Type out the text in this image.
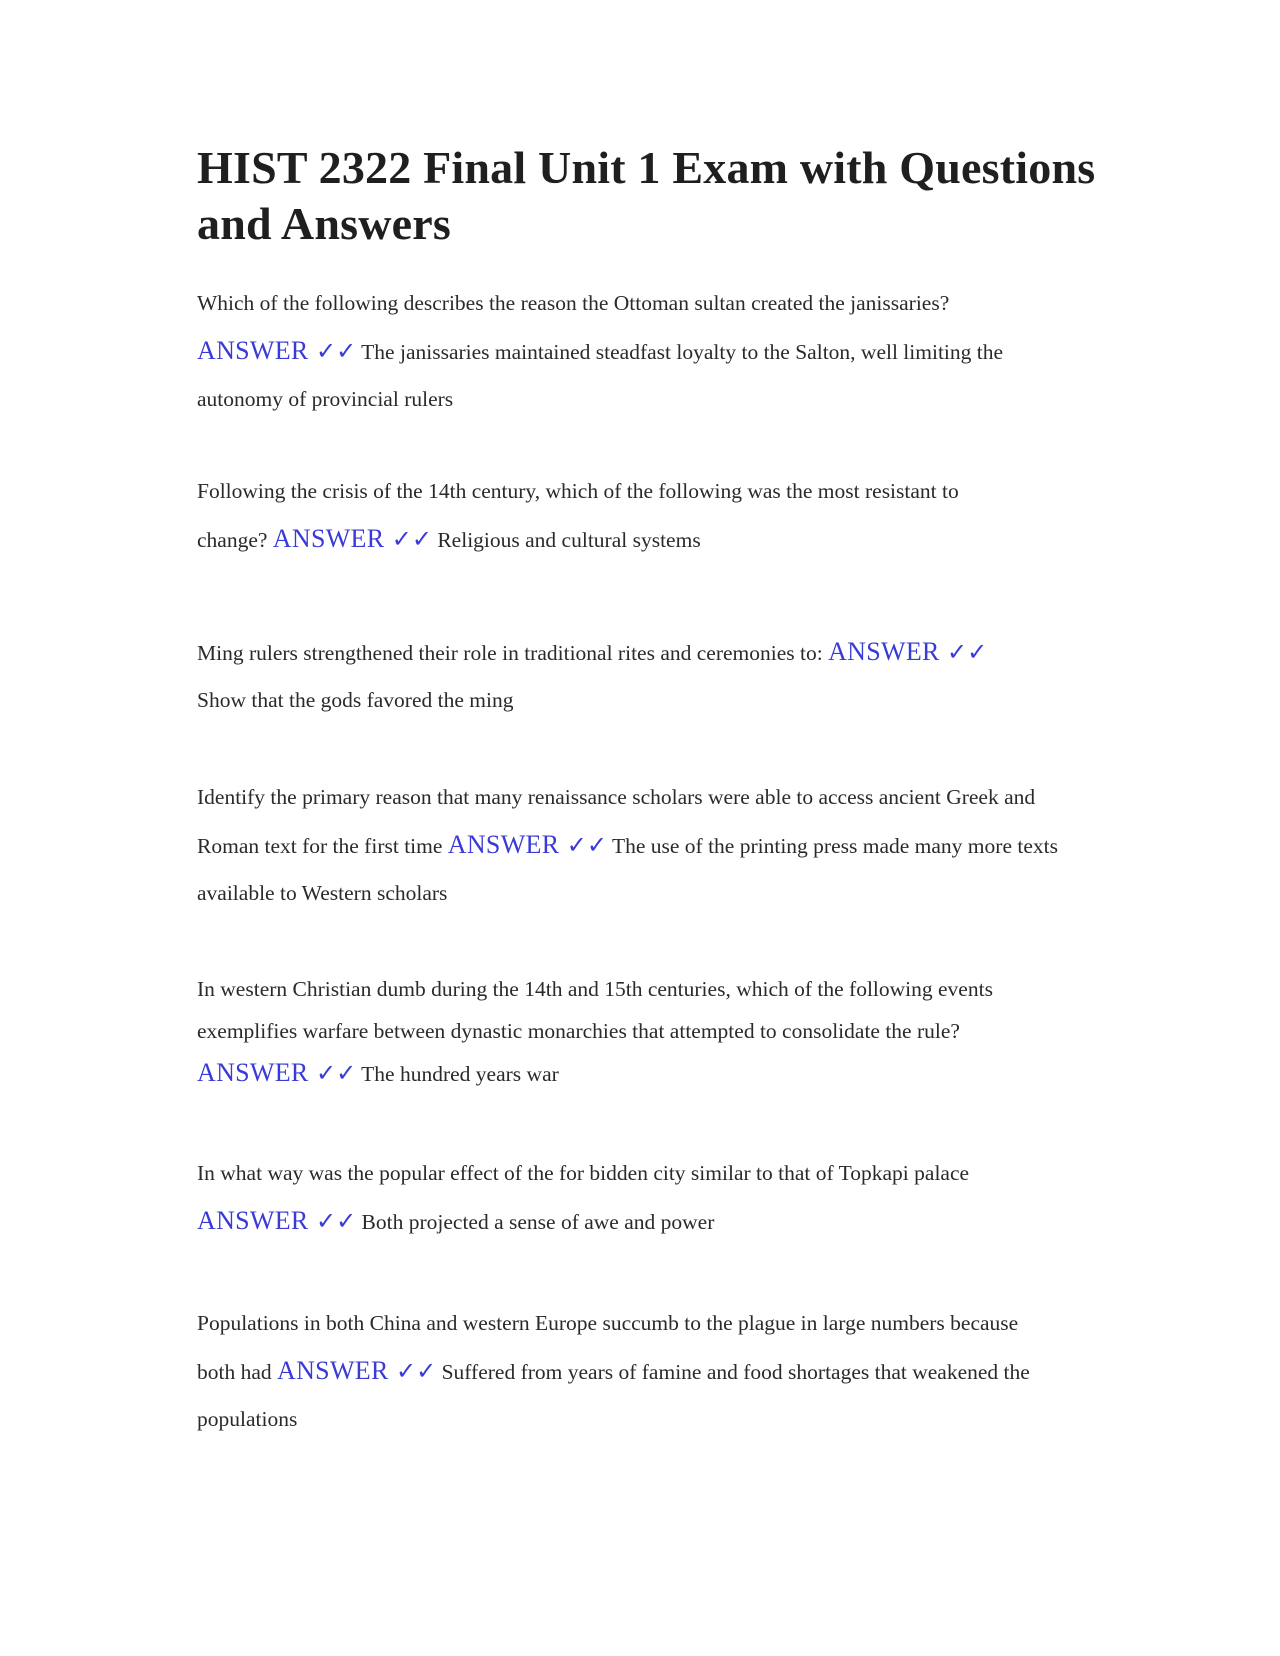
HIST 2322 Final Unit 1 Exam with Questions and Answers

Which of the following describes the reason the Ottoman sultan created the janissaries?
ANSWER ✓✓ The janissaries maintained steadfast loyalty to the Salton, well limiting the autonomy of provincial rulers

Following the crisis of the 14th century, which of the following was the most resistant to change? ANSWER ✓✓ Religious and cultural systems

Ming rulers strengthened their role in traditional rites and ceremonies to: ANSWER ✓✓
Show that the gods favored the ming

Identify the primary reason that many renaissance scholars were able to access ancient Greek and Roman text for the first time ANSWER ✓✓ The use of the printing press made many more texts available to Western scholars

In western Christian dumb during the 14th and 15th centuries, which of the following events exemplifies warfare between dynastic monarchies that attempted to consolidate the rule?
ANSWER ✓✓ The hundred years war

In what way was the popular effect of the for bidden city similar to that of Topkapi palace
ANSWER ✓✓ Both projected a sense of awe and power

Populations in both China and western Europe succumb to the plague in large numbers because both had ANSWER ✓✓ Suffered from years of famine and food shortages that weakened the populations
